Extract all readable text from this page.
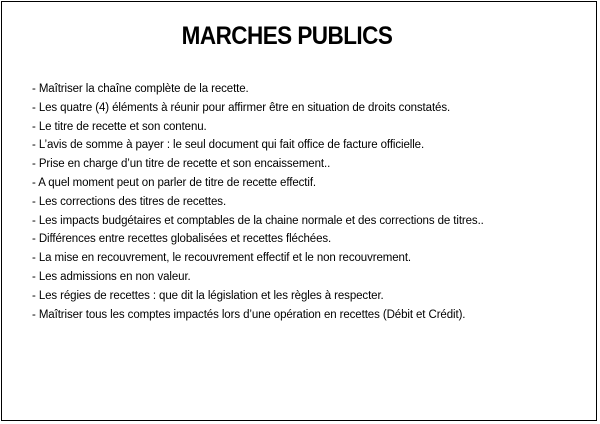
MARCHES PUBLICS
- Maîtriser la chaîne complète de la recette.
- Les quatre (4) éléments à réunir pour affirmer être en situation de droits constatés.
- Le titre de recette et son contenu.
- L’avis de somme à payer : le seul document qui fait office de facture officielle.
- Prise en charge d’un titre de recette et son encaissement..
- A quel moment peut on parler de titre de recette effectif.
- Les corrections des titres de recettes.
- Les impacts budgétaires et comptables de la chaine normale et des corrections de titres..
- Différences entre recettes globalisées et recettes fléchées.
- La mise en recouvrement, le recouvrement effectif et le non recouvrement.
- Les admissions en non valeur.
- Les régies de recettes : que dit la législation et les règles à respecter.
- Maîtriser tous les comptes impactés lors d’une opération en recettes (Débit et Crédit).
